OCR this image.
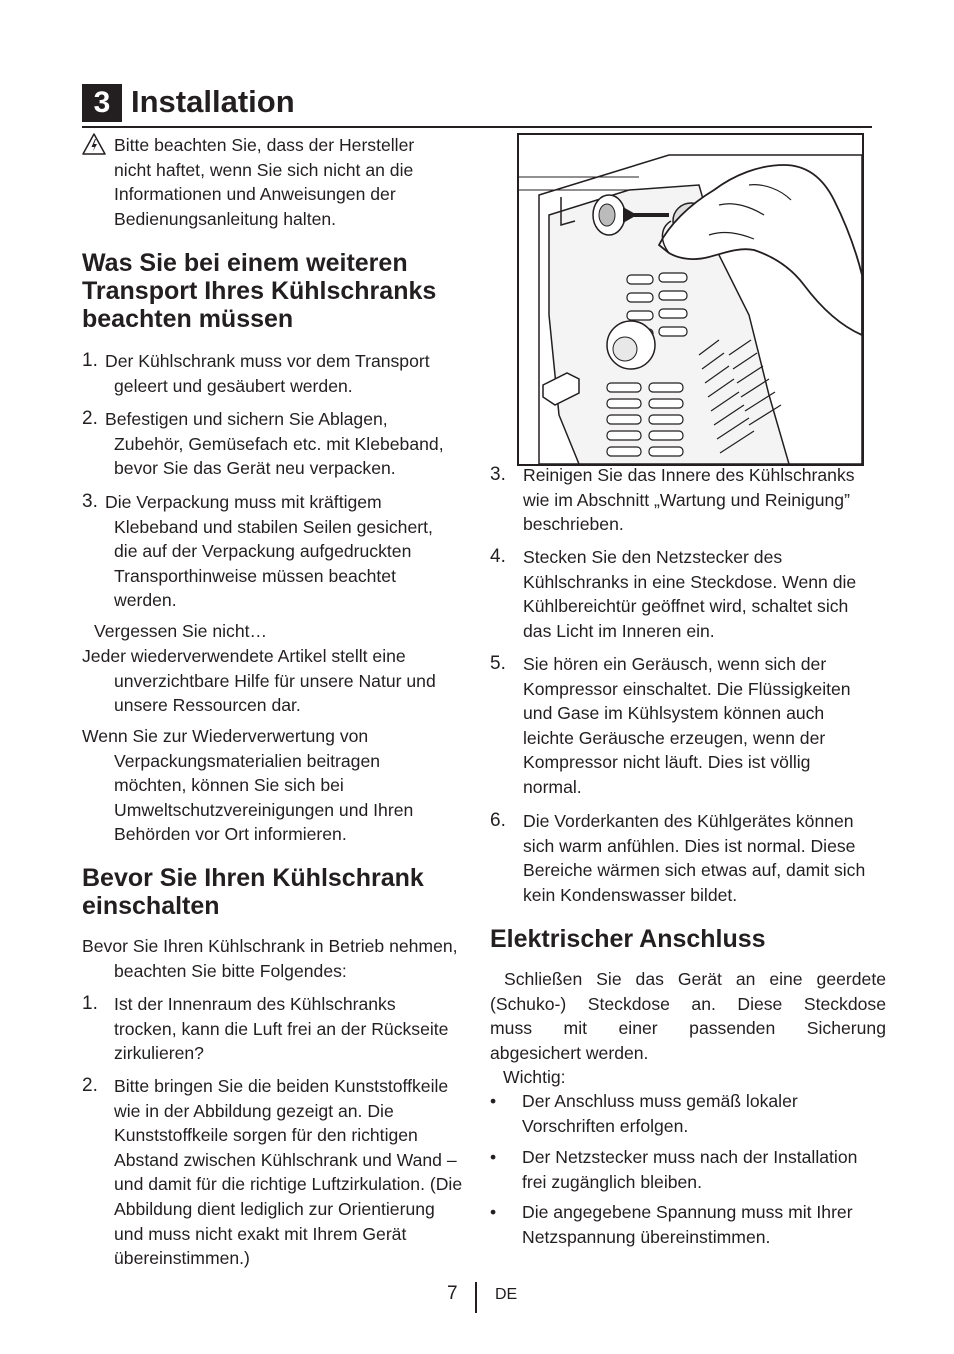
3 Installation
Bitte beachten Sie, dass der Hersteller
nicht haftet, wenn Sie sich nicht an die
Informationen und Anweisungen der
Bedienungsanleitung halten.
Was Sie bei einem weiteren
Transport Ihres Kühlschranks
beachten müssen
1. Der Kühlschrank muss vor dem Transport
geleert und gesäubert werden.
2. Befestigen und sichern Sie Ablagen,
Zubehör, Gemüsefach etc. mit Klebeband,
bevor Sie das Gerät neu verpacken.
3. Die Verpackung muss mit kräftigem
Klebeband und stabilen Seilen gesichert,
die auf der Verpackung aufgedruckten
Transporthinweise müssen beachtet
werden.
Vergessen Sie nicht…
Jeder wiederverwendete Artikel stellt eine
unverzichtbare Hilfe für unsere Natur und
unsere Ressourcen dar.
Wenn Sie zur Wiederverwertung von
Verpackungsmaterialien beitragen
möchten, können Sie sich bei
Umweltschutzvereinigungen und Ihren
Behörden vor Ort informieren.
Bevor Sie Ihren Kühlschrank
einschalten
Bevor Sie Ihren Kühlschrank in Betrieb nehmen,
beachten Sie bitte Folgendes:
1. Ist der Innenraum des Kühlschranks
trocken, kann die Luft frei an der Rückseite
zirkulieren?
2. Bitte bringen Sie die beiden Kunststoffkeile
wie in der Abbildung gezeigt an. Die
Kunststoffkeile sorgen für den richtigen
Abstand zwischen Kühlschrank und Wand –
und damit für die richtige Luftzirkulation. (Die
Abbildung dient lediglich zur Orientierung
und muss nicht exakt mit Ihrem Gerät
übereinstimmen.)
3. Reinigen Sie das Innere des Kühlschranks
wie im Abschnitt „Wartung und Reinigung”
beschrieben.
4. Stecken Sie den Netzstecker des
Kühlschranks in eine Steckdose. Wenn die
Kühlbereichtür geöffnet wird, schaltet sich
das Licht im Inneren ein.
5. Sie hören ein Geräusch, wenn sich der
Kompressor einschaltet. Die Flüssigkeiten
und Gase im Kühlsystem können auch
leichte Geräusche erzeugen, wenn der
Kompressor nicht läuft. Dies ist völlig
normal.
6. Die Vorderkanten des Kühlgerätes können
sich warm anfühlen. Dies ist normal. Diese
Bereiche wärmen sich etwas auf, damit sich
kein Kondenswasser bildet.
Elektrischer Anschluss
Schließen Sie das Gerät an eine geerdete
(Schuko-) Steckdose an. Diese Steckdose
muss mit einer passenden Sicherung
abgesichert werden.
Wichtig:
• Der Anschluss muss gemäß lokaler
Vorschriften erfolgen.
• Der Netzstecker muss nach der Installation
frei zugänglich bleiben.
• Die angegebene Spannung muss mit Ihrer
Netzspannung übereinstimmen.
7 DE
